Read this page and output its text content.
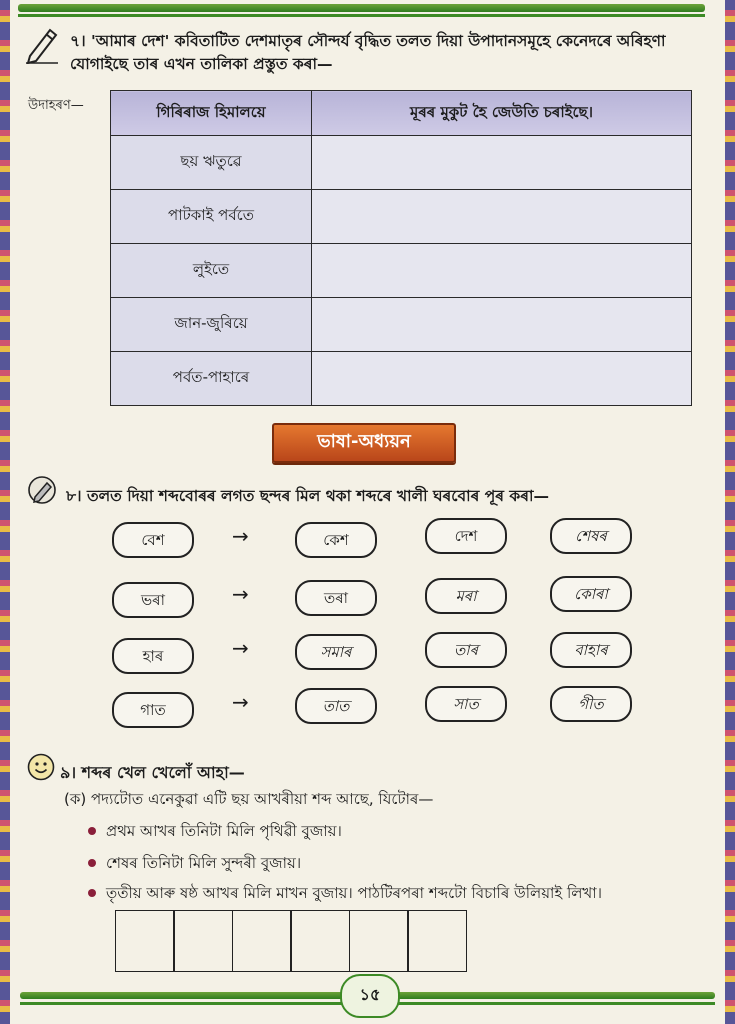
৭। 'আমাৰ দেশ' কবিতাটিত দেশমাতৃৰ সৌন্দৰ্য বৃদ্ধিত তলত দিয়া উপাদানসমূহে কেনেদৰে অৰিহণা যোগাইছে তাৰ এখন তালিকা প্ৰস্তুত কৰা—
উদাহৰণ—	গিৰিৰাজ হিমালয়ে	মূৰৰ মুকুট হৈ জেউতি চৰাইছে।
ছয় ঋতুৱে	
পাটকাই পৰ্বতে	
লুইতে	
জান-জুৰিয়ে	
পৰ্বত-পাহাৰে	
ভাষা-অধ্যয়ন
৮। তলত দিয়া শব্দবোৰৰ লগত ছন্দৰ মিল থকা শব্দৰে খালী ঘৰবোৰ পূৰ কৰা—
বেশ	→	কেশ	দেশ	শেষৰ
ভৰা	→	তৰা	মৰা	কোৰা
হাৰ	→	সমাৰ	তাৰ	বাহাৰ
গাত	→	তাত	সাত	গীত
৯। শব্দৰ খেল খেলোঁ আহা—
(ক) পদ্যটোত এনেকুৱা এটি ছয় আখৰীয়া শব্দ আছে, যিটোৰ—
প্ৰথম আখৰ তিনিটা মিলি পৃথিৱী বুজায়।
শেষৰ তিনিটা মিলি সুন্দৰী বুজায়।
তৃতীয় আৰু ষষ্ঠ আখৰ মিলি মাখন বুজায়। পাঠটিৰপৰা শব্দটো বিচাৰি উলিয়াই লিখা।
১৫
